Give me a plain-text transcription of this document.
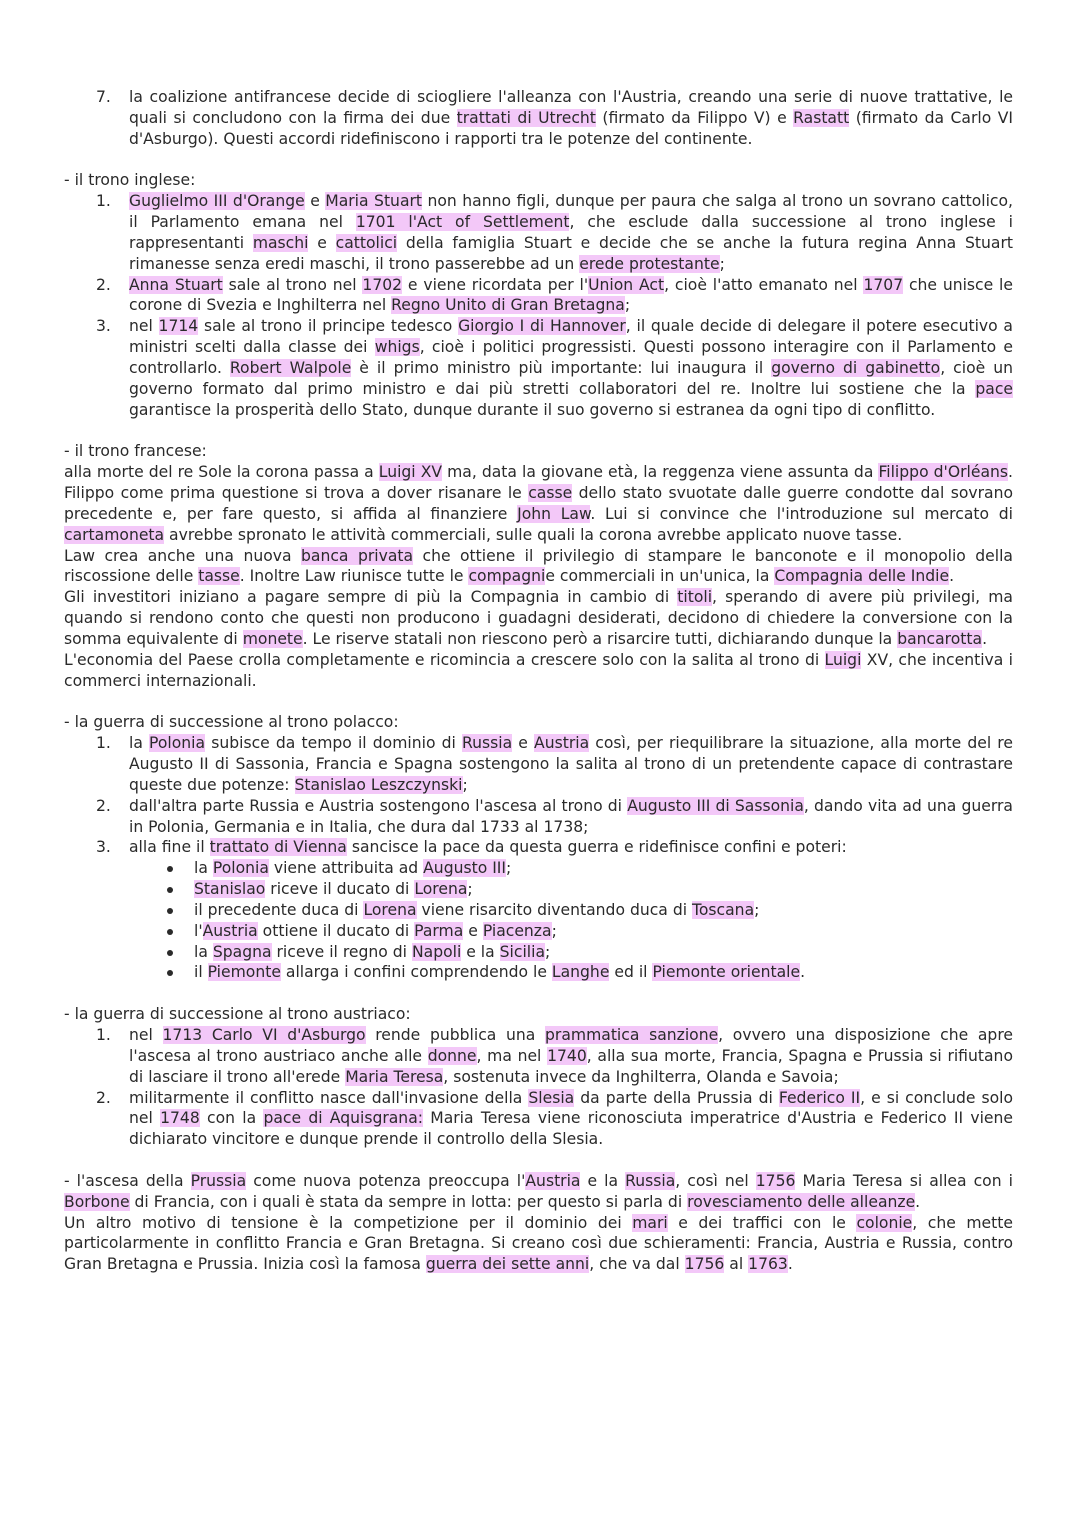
7. la coalizione antifrancese decide di sciogliere l'alleanza con l'Austria, creando una serie di nuove trattative, le quali si concludono con la firma dei due trattati di Utrecht (firmato da Filippo V) e Rastatt (firmato da Carlo VI d'Asburgo). Questi accordi ridefiniscono i rapporti tra le potenze del continente.
- il trono inglese:
1. Guglielmo III d'Orange e Maria Stuart non hanno figli, dunque per paura che salga al trono un sovrano cattolico, il Parlamento emana nel 1701 l'Act of Settlement, che esclude dalla successione al trono inglese i rappresentanti maschi e cattolici della famiglia Stuart e decide che se anche la futura regina Anna Stuart rimanesse senza eredi maschi, il trono passerebbe ad un erede protestante;
2. Anna Stuart sale al trono nel 1702 e viene ricordata per l'Union Act, cioè l'atto emanato nel 1707 che unisce le corone di Svezia e Inghilterra nel Regno Unito di Gran Bretagna;
3. nel 1714 sale al trono il principe tedesco Giorgio I di Hannover, il quale decide di delegare il potere esecutivo a ministri scelti dalla classe dei whigs, cioè i politici progressisti. Questi possono interagire con il Parlamento e controllarlo. Robert Walpole è il primo ministro più importante: lui inaugura il governo di gabinetto, cioè un governo formato dal primo ministro e dai più stretti collaboratori del re. Inoltre lui sostiene che la pace garantisce la prosperità dello Stato, dunque durante il suo governo si estranea da ogni tipo di conflitto.
- il trono francese:

alla morte del re Sole la corona passa a Luigi XV ma, data la giovane età, la reggenza viene assunta da Filippo d'Orléans. Filippo come prima questione si trova a dover risanare le casse dello stato svuotate dalle guerre condotte dal sovrano precedente e, per fare questo, si affida al finanziere John Law. Lui si convince che l'introduzione sul mercato di cartamoneta avrebbe spronato le attività commerciali, sulle quali la corona avrebbe applicato nuove tasse.

Law crea anche una nuova banca privata che ottiene il privilegio di stampare le banconote e il monopolio della riscossione delle tasse. Inoltre Law riunisce tutte le compagnie commerciali in un'unica, la Compagnia delle Indie.

Gli investitori iniziano a pagare sempre di più la Compagnia in cambio di titoli, sperando di avere più privilegi, ma quando si rendono conto che questi non producono i guadagni desiderati, decidono di chiedere la conversione con la somma equivalente di monete. Le riserve statali non riescono però a risarcire tutti, dichiarando dunque la bancarotta.

L'economia del Paese crolla completamente e ricomincia a crescere solo con la salita al trono di Luigi XV, che incentiva i commerci internazionali.

- la guerra di successione al trono polacco:
1. la Polonia subisce da tempo il dominio di Russia e Austria così, per riequilibrare la situazione, alla morte del re Augusto II di Sassonia, Francia e Spagna sostengono la salita al trono di un pretendente capace di contrastare queste due potenze: Stanislao Leszczynski;
2. dall'altra parte Russia e Austria sostengono l'ascesa al trono di Augusto III di Sassonia, dando vita ad una guerra in Polonia, Germania e in Italia, che dura dal 1733 al 1738;
3. alla fine il trattato di Vienna sancisce la pace da questa guerra e ridefinisce confini e poteri:
la Polonia viene attribuita ad Augusto III;
Stanislao riceve il ducato di Lorena;
il precedente duca di Lorena viene risarcito diventando duca di Toscana;
l'Austria ottiene il ducato di Parma e Piacenza;
la Spagna riceve il regno di Napoli e la Sicilia;
il Piemonte allarga i confini comprendendo le Langhe ed il Piemonte orientale.
- la guerra di successione al trono austriaco:
1. nel 1713 Carlo VI d'Asburgo rende pubblica una prammatica sanzione, ovvero una disposizione che apre l'ascesa al trono austriaco anche alle donne, ma nel 1740, alla sua morte, Francia, Spagna e Prussia si rifiutano di lasciare il trono all'erede Maria Teresa, sostenuta invece da Inghilterra, Olanda e Savoia;
2. militarmente il conflitto nasce dall'invasione della Slesia da parte della Prussia di Federico II, e si conclude solo nel 1748 con la pace di Aquisgrana: Maria Teresa viene riconosciuta imperatrice d'Austria e Federico II viene dichiarato vincitore e dunque prende il controllo della Slesia.

- l'ascesa della Prussia come nuova potenza preoccupa l'Austria e la Russia, così nel 1756 Maria Teresa si allea con i Borbone di Francia, con i quali è stata da sempre in lotta: per questo si parla di rovesciamento delle alleanze.

Un altro motivo di tensione è la competizione per il dominio dei mari e dei traffici con le colonie, che mette particolarmente in conflitto Francia e Gran Bretagna. Si creano così due schieramenti: Francia, Austria e Russia, contro Gran Bretagna e Prussia. Inizia così la famosa guerra dei sette anni, che va dal 1756 al 1763.
